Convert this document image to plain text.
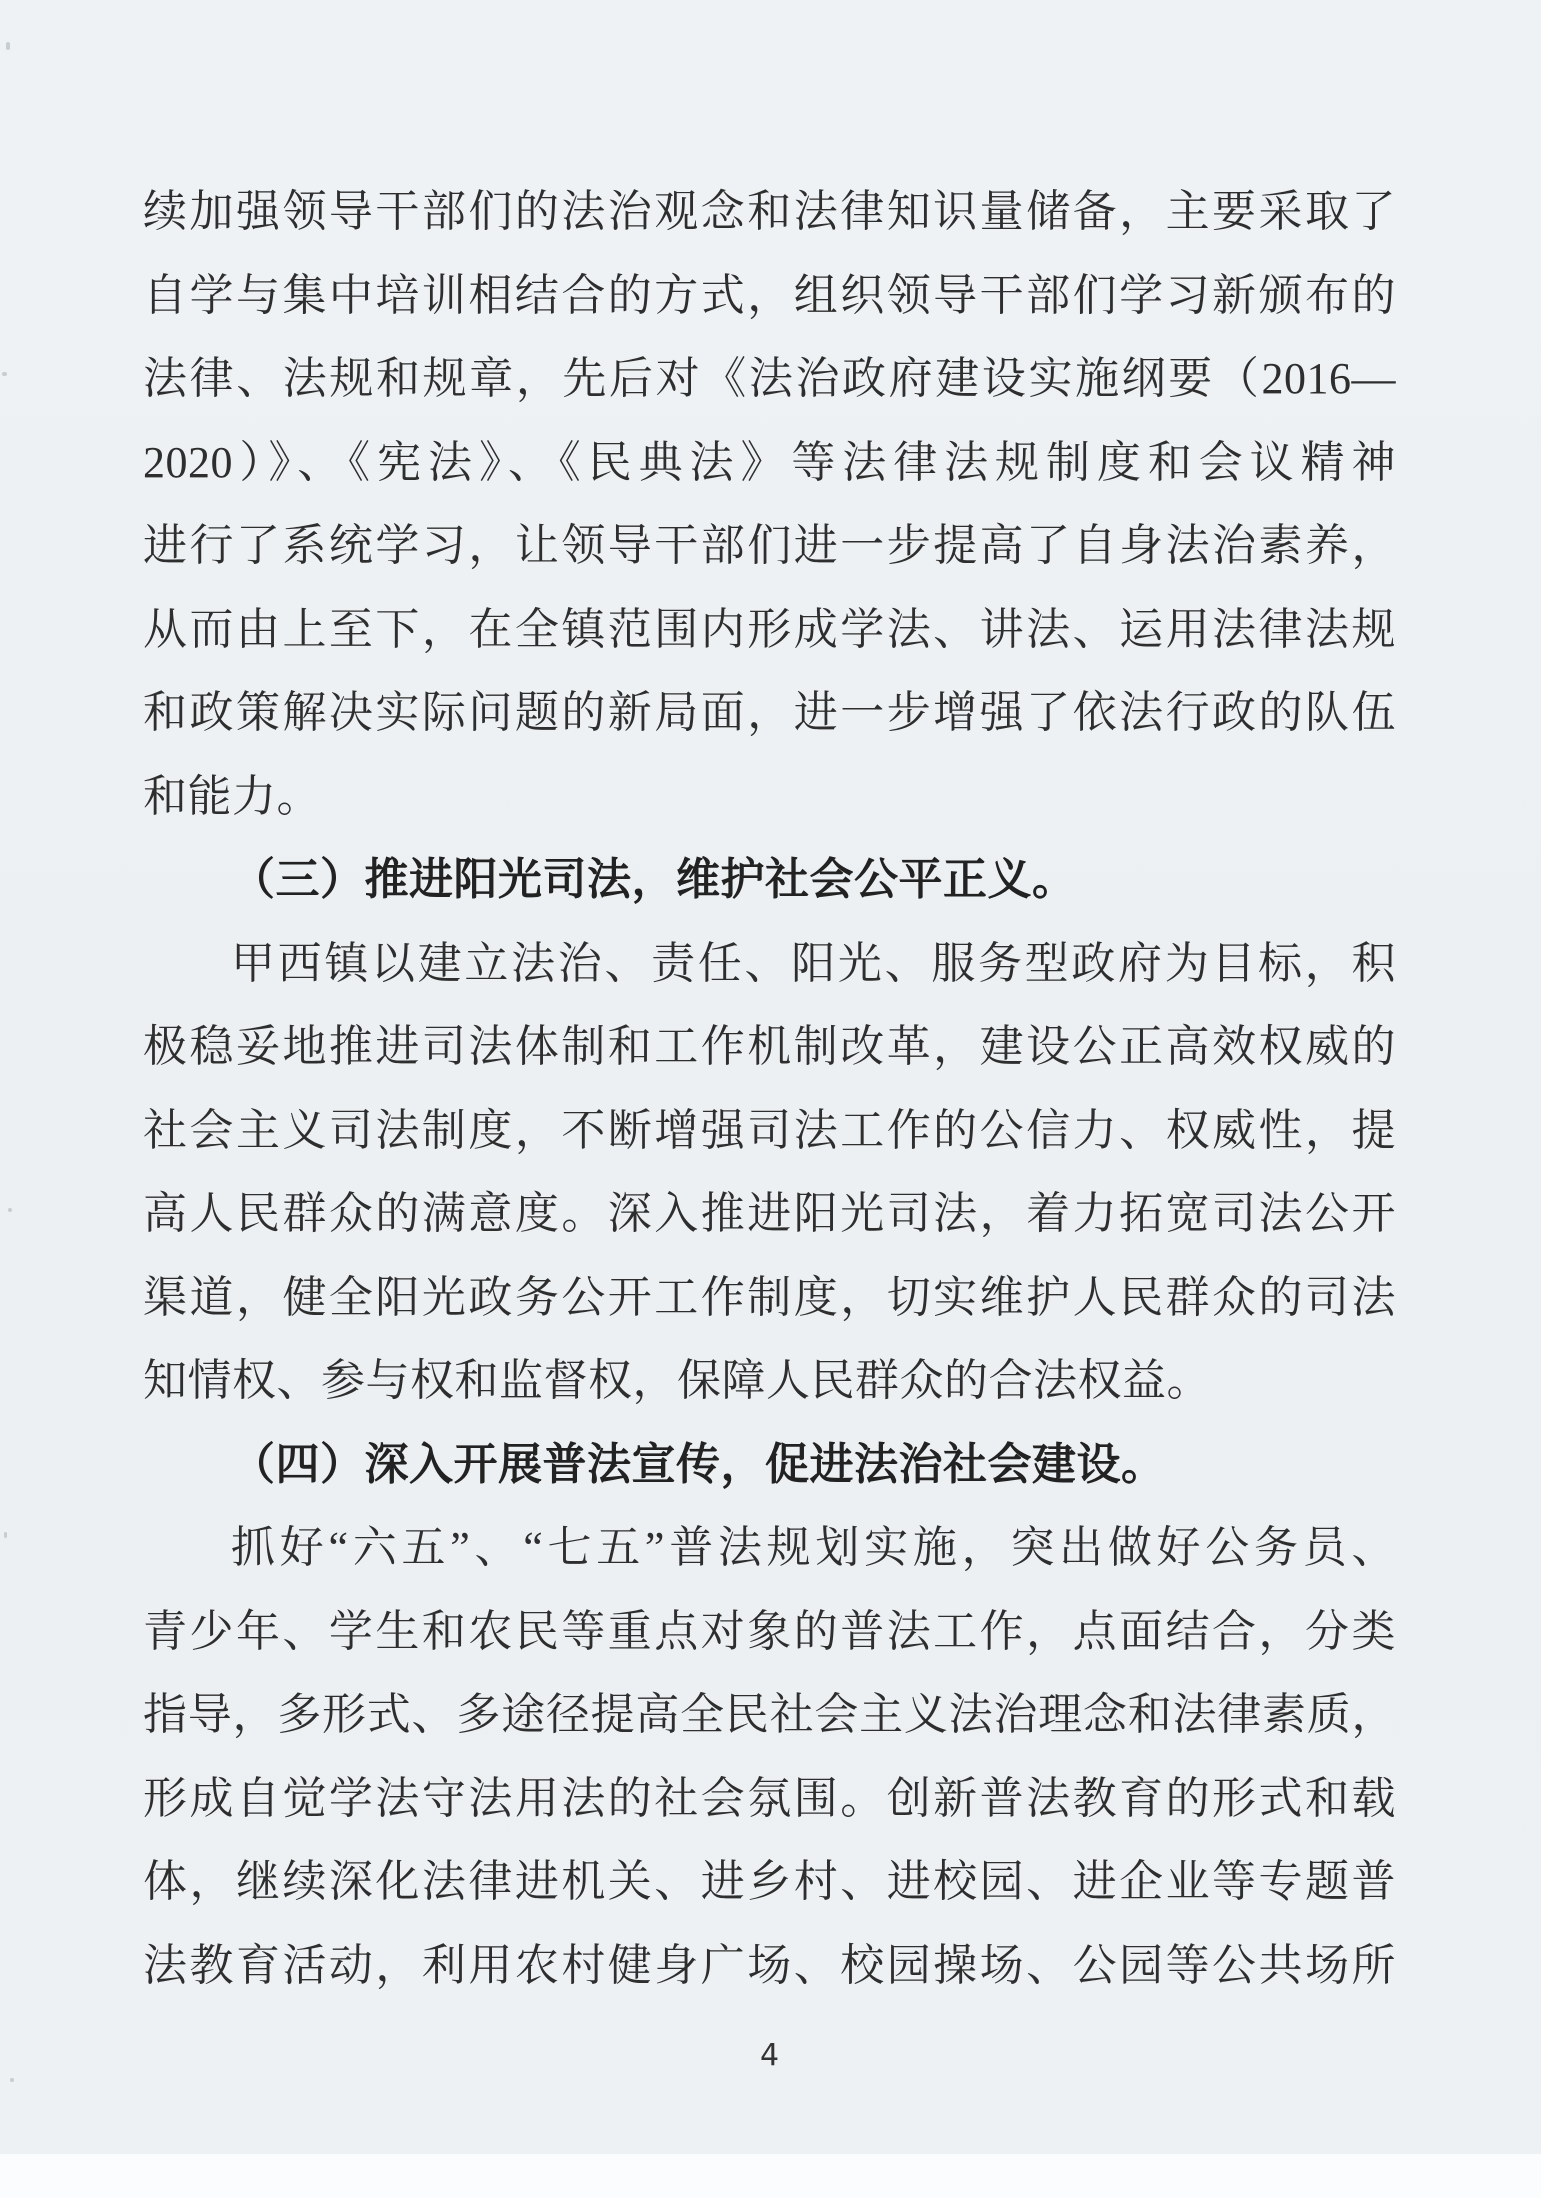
续加强领导干部们的法治观念和法律知识量储备，主要采取了
自学与集中培训相结合的方式，组织领导干部们学习新颁布的
法律、法规和规章，先后对《法治政府建设实施纲要（2016—
2020）》、《宪法》、《民典法》等法律法规制度和会议精神
进行了系统学习，让领导干部们进一步提高了自身法治素养，
从而由上至下，在全镇范围内形成学法、讲法、运用法律法规
和政策解决实际问题的新局面，进一步增强了依法行政的队伍
和能力。
（三）推进阳光司法，维护社会公平正义。
甲西镇以建立法治、责任、阳光、服务型政府为目标，积
极稳妥地推进司法体制和工作机制改革，建设公正高效权威的
社会主义司法制度，不断增强司法工作的公信力、权威性，提
高人民群众的满意度。深入推进阳光司法，着力拓宽司法公开
渠道，健全阳光政务公开工作制度，切实维护人民群众的司法
知情权、参与权和监督权，保障人民群众的合法权益。
（四）深入开展普法宣传，促进法治社会建设。
抓好“六五”、“七五”普法规划实施，突出做好公务员、
青少年、学生和农民等重点对象的普法工作，点面结合，分类
指导，多形式、多途径提高全民社会主义法治理念和法律素质，
形成自觉学法守法用法的社会氛围。创新普法教育的形式和载
体，继续深化法律进机关、进乡村、进校园、进企业等专题普
法教育活动，利用农村健身广场、校园操场、公园等公共场所
4
